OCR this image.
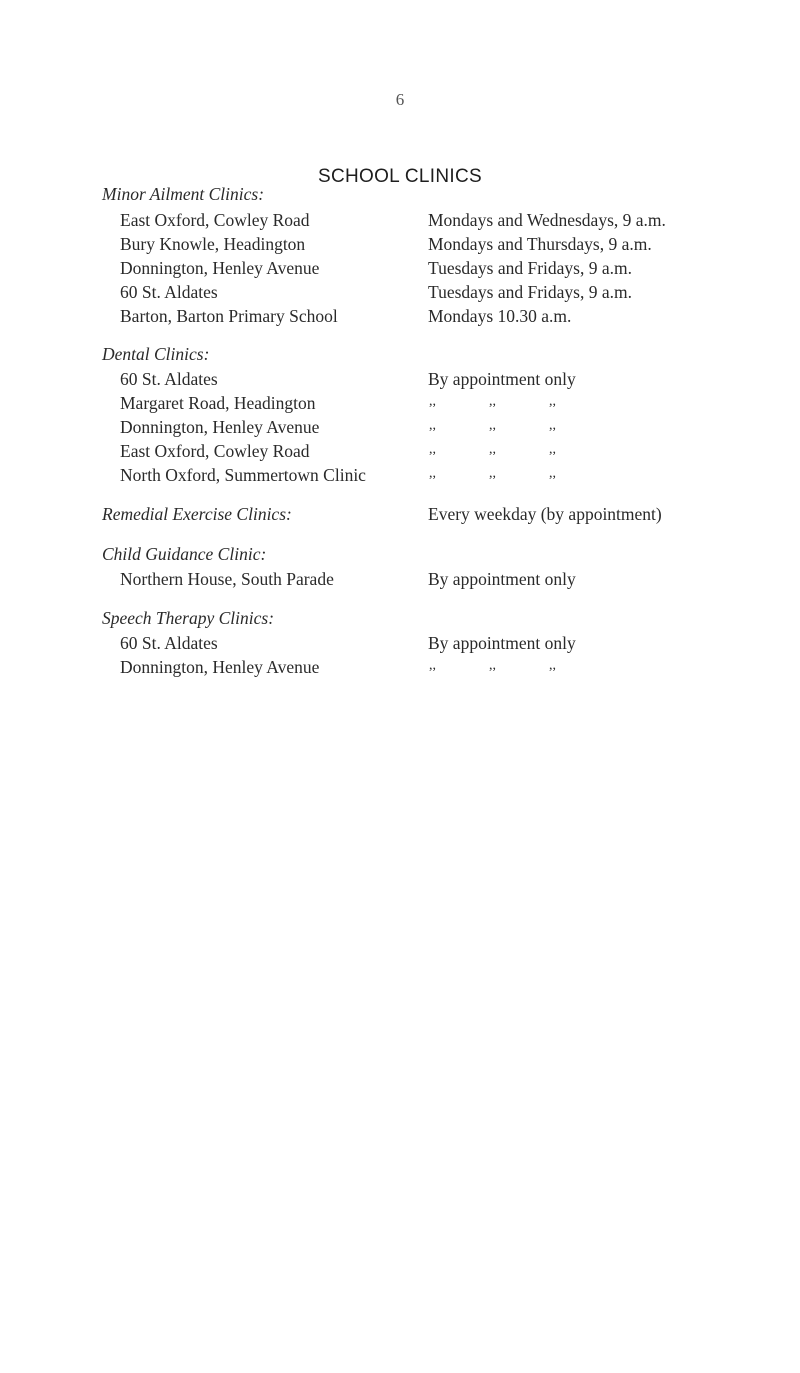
6
SCHOOL CLINICS
Minor Ailment Clinics:
East Oxford, Cowley Road	Mondays and Wednesdays, 9 a.m.
Bury Knowle, Headington	Mondays and Thursdays, 9 a.m.
Donnington, Henley Avenue	Tuesdays and Fridays, 9 a.m.
60 St. Aldates	Tuesdays and Fridays, 9 a.m.
Barton, Barton Primary School	Mondays 10.30 a.m.
Dental Clinics:
60 St. Aldates	By appointment only
Margaret Road, Headington	,,	,,	,,
Donnington, Henley Avenue	,,	,,	,,
East Oxford, Cowley Road	,,	,,	,,
North Oxford, Summertown Clinic	,,	,,	,,
Remedial Exercise Clinics:	Every weekday (by appointment)
Child Guidance Clinic:
Northern House, South Parade	By appointment only
Speech Therapy Clinics:
60 St. Aldates	By appointment only
Donnington, Henley Avenue	,,	,,	,,
